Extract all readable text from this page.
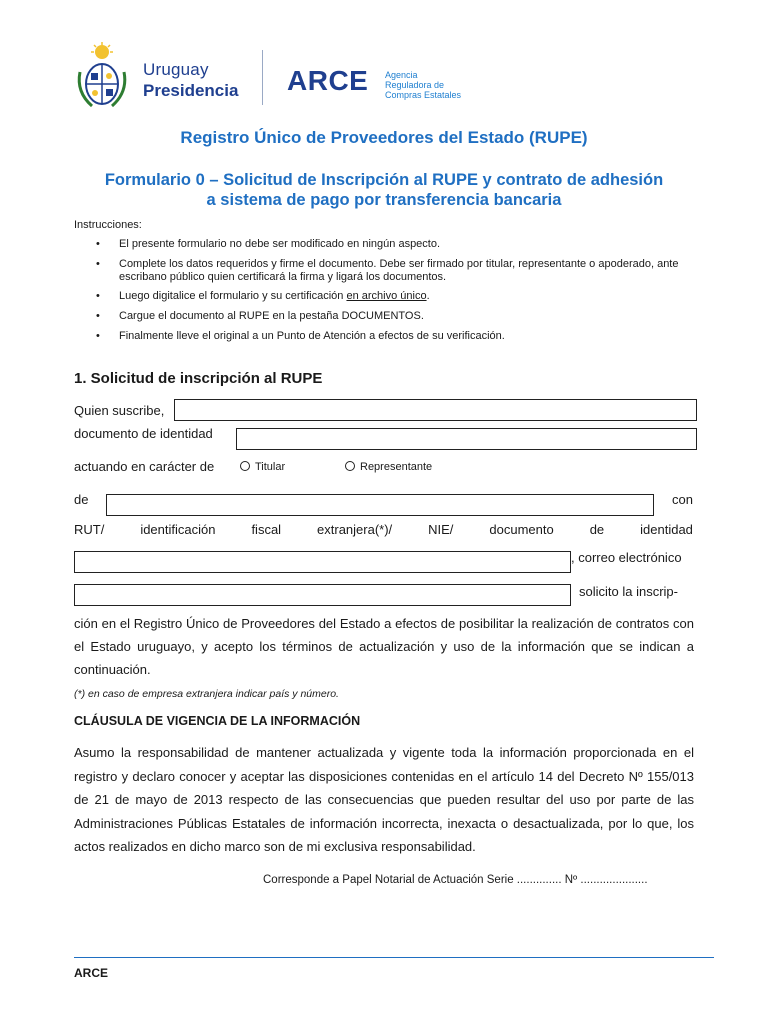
Uruguay
Presidencia ARCE Agencia
Reguladora de
Compras Estatales
Registro Único de Proveedores del Estado (RUPE)
Formulario 0 – Solicitud de Inscripción al RUPE y contrato de adhesión
a sistema de pago por transferencia bancaria
Instrucciones:
• El presente formulario no debe ser modificado en ningún aspecto.
• Complete los datos requeridos y firme el documento. Debe ser firmado por titular, representante o apoderado, ante escribano público quien certificará la firma y ligará los documentos.
• Luego digitalice el formulario y su certificación en archivo único.
• Cargue el documento al RUPE en la pestaña DOCUMENTOS.
• Finalmente lleve el original a un Punto de Atención a efectos de su verificación.
1. Solicitud de inscripción al RUPE
Quien suscribe,
documento de identidad
actuando en carácter de	Titular	Representante
de	con
RUT/	identificación	fiscal	extranjera(*)/	NIE/	documento	de	identidad
, correo electrónico
solicito la inscrip-
ción en el Registro Único de Proveedores del Estado a efectos de posibilitar la realización de contratos con el Estado uruguayo, y acepto los términos de actualización y uso de la información que se indican a continuación.
(*) en caso de empresa extranjera indicar país y número.
CLÁUSULA DE VIGENCIA DE LA INFORMACIÓN
Asumo la responsabilidad de mantener actualizada y vigente toda la información proporcionada en el registro y declaro conocer y aceptar las disposiciones contenidas en el artículo 14 del Decreto Nº 155/013 de 21 de mayo de 2013 respecto de las consecuencias que pueden resultar del uso por parte de las Administraciones Públicas Estatales de información incorrecta, inexacta o desactualizada, por lo que, los actos realizados en dicho marco son de mi exclusiva responsabilidad.
Corresponde a Papel Notarial de Actuación Serie .............. Nº .....................
ARCE
